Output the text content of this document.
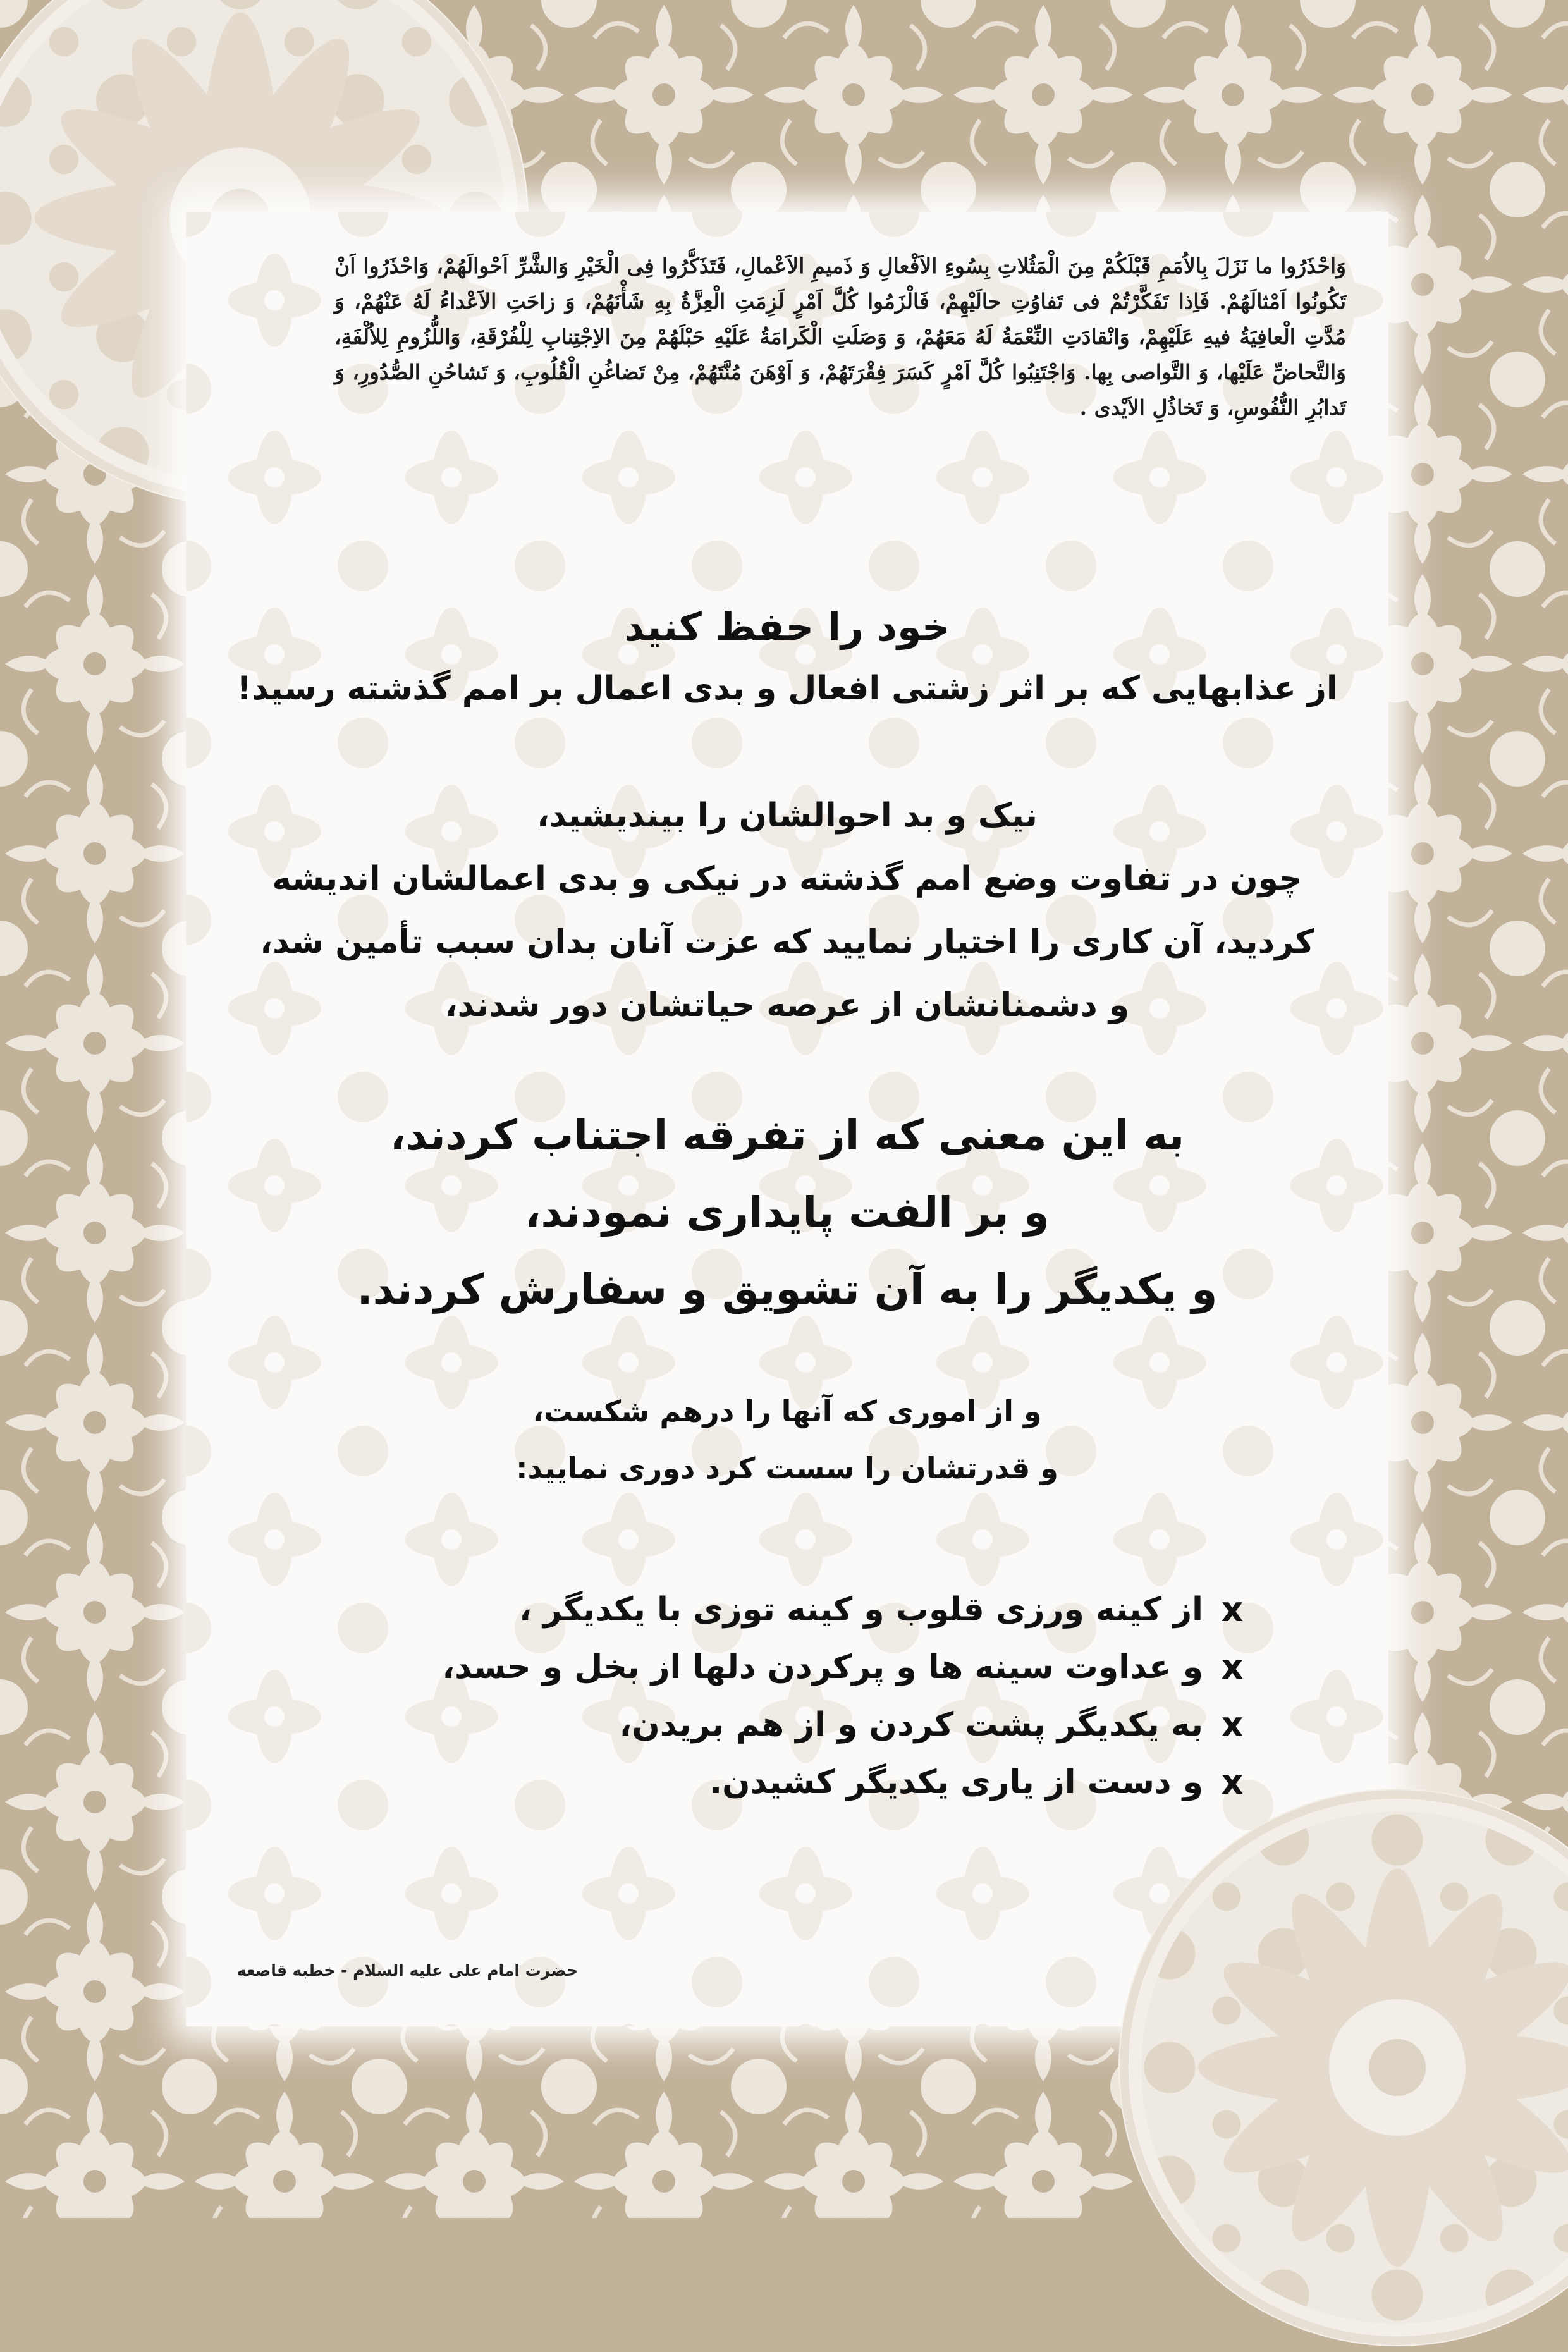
وَاحْذَرُوا ما نَزَلَ بِالاُمَمِ قَبْلَكُمْ مِنَ الْمَثُلاتِ بِسُوءِ الاَفْعالِ وَ ذَميمِ الاَعْمالِ، فَتَذَكَّرُوا فِی الْخَیْرِ وَالشَّرِّ اَحْوالَهُمْ، وَاحْذَرُوا اَنْ تَكُونُوا اَمْثالَهُمْ. فَاِذا تَفَكَّرْتُمْ فی تَفاوُتِ حالَیْهِمْ، فَالْزَمُوا كُلَّ اَمْرٍ لَزِمَتِ الْعِزَّةُ بِهِ شَأْنَهُمْ، وَ زاحَتِ الاَعْداءُ لَهُ عَنْهُمْ، وَ مُدَّتِ الْعافِیَةُ فیهِ عَلَیْهِمْ، وَانْقادَتِ النِّعْمَةُ لَهُ مَعَهُمْ، وَ وَصَلَتِ الْكَرامَةُ عَلَیْهِ حَبْلَهُمْ مِنَ الاِجْتِنابِ لِلْفُرْقَةِ، وَاللُّزُومِ لِلاُلْفَةِ، وَالتَّحاضِّ عَلَیْها، وَ التَّواصی بِها. وَاجْتَنِبُوا كُلَّ اَمْرٍ كَسَرَ فِقْرَتَهُمْ، وَ اَوْهَنَ مُنَّتَهُمْ، مِنْ تَضاغُنِ الْقُلُوبِ، وَ تَشاحُنِ الصُّدُورِ، وَ تَدابُرِ النُّفُوسِ، وَ تَخاذُلِ الاَیْدی .
خود را حفظ کنید
از عذابهایی که بر اثر زشتی افعال و بدی اعمال بر امم گذشته رسید!
نیک و بد احوالشان را بیندیشید،
چون در تفاوت وضع امم گذشته در نیکی و بدی اعمالشان اندیشه
کردید، آن کاری را اختیار نمایید که عزت آنان بدان سبب تأمین شد،
و دشمنانشان از عرصه حیاتشان دور شدند،
به این معنی که از تفرقه اجتناب کردند،
و بر الفت پایداری نمودند،
و یکدیگر را به آن تشویق و سفارش کردند.
و از اموری که آنها را درهم شکست،
و قدرتشان را سست کرد دوری نمایید:
x
از کینه ورزی قلوب و کینه توزی با یکدیگر ،
x
و عداوت سینه ها و پرکردن دلها از بخل و حسد،
x
به یکدیگر پشت کردن و از هم بریدن،
x
و دست از یاری یکدیگر کشیدن.
حضرت امام علی علیه السلام - خطبه قاصعه
